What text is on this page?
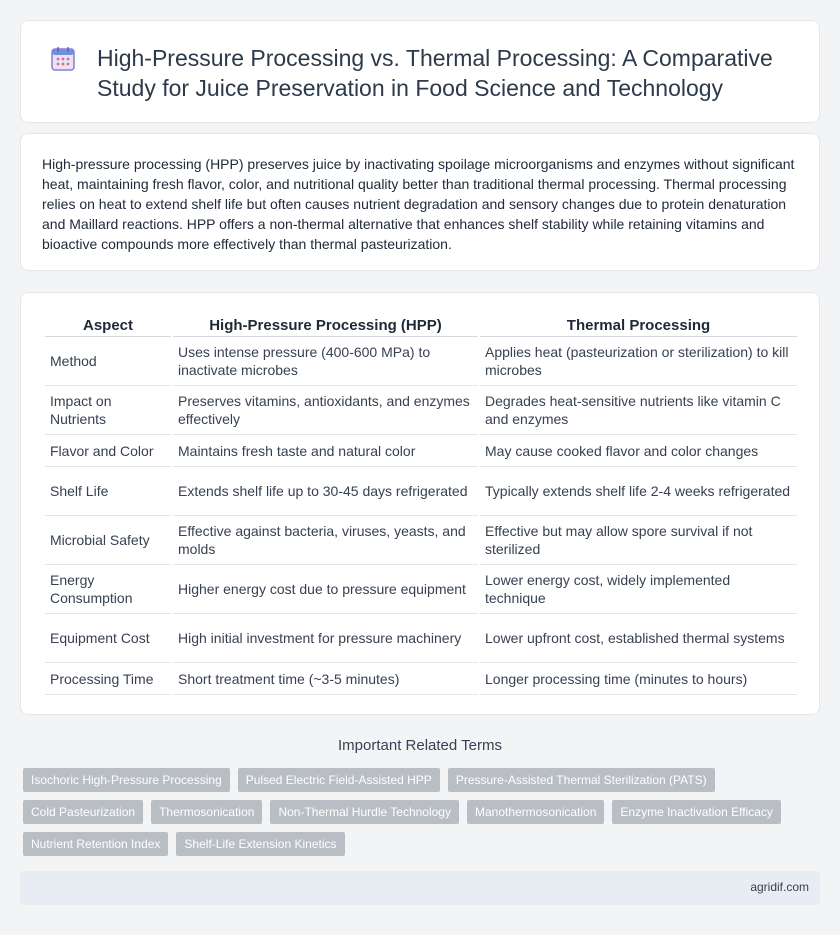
High-Pressure Processing vs. Thermal Processing: A Comparative Study for Juice Preservation in Food Science and Technology

High-pressure processing (HPP) preserves juice by inactivating spoilage microorganisms and enzymes without significant heat, maintaining fresh flavor, color, and nutritional quality better than traditional thermal processing. Thermal processing relies on heat to extend shelf life but often causes nutrient degradation and sensory changes due to protein denaturation and Maillard reactions. HPP offers a non-thermal alternative that enhances shelf stability while retaining vitamins and bioactive compounds more effectively than thermal pasteurization.

Aspect	High-Pressure Processing (HPP)	Thermal Processing
Method	Uses intense pressure (400-600 MPa) to inactivate microbes	Applies heat (pasteurization or sterilization) to kill microbes
Impact on Nutrients	Preserves vitamins, antioxidants, and enzymes effectively	Degrades heat-sensitive nutrients like vitamin C and enzymes
Flavor and Color	Maintains fresh taste and natural color	May cause cooked flavor and color changes
Shelf Life	Extends shelf life up to 30-45 days refrigerated	Typically extends shelf life 2-4 weeks refrigerated
Microbial Safety	Effective against bacteria, viruses, yeasts, and molds	Effective but may allow spore survival if not sterilized
Energy Consumption	Higher energy cost due to pressure equipment	Lower energy cost, widely implemented technique
Equipment Cost	High initial investment for pressure machinery	Lower upfront cost, established thermal systems
Processing Time	Short treatment time (~3-5 minutes)	Longer processing time (minutes to hours)
Important Related Terms
Isochoric High-Pressure Processing	Pulsed Electric Field-Assisted HPP	Pressure-Assisted Thermal Sterilization (PATS)
Cold Pasteurization	Thermosonication	Non-Thermal Hurdle Technology	Manothermosonication	Enzyme Inactivation Efficacy
Nutrient Retention Index	Shelf-Life Extension Kinetics
agridif.com
